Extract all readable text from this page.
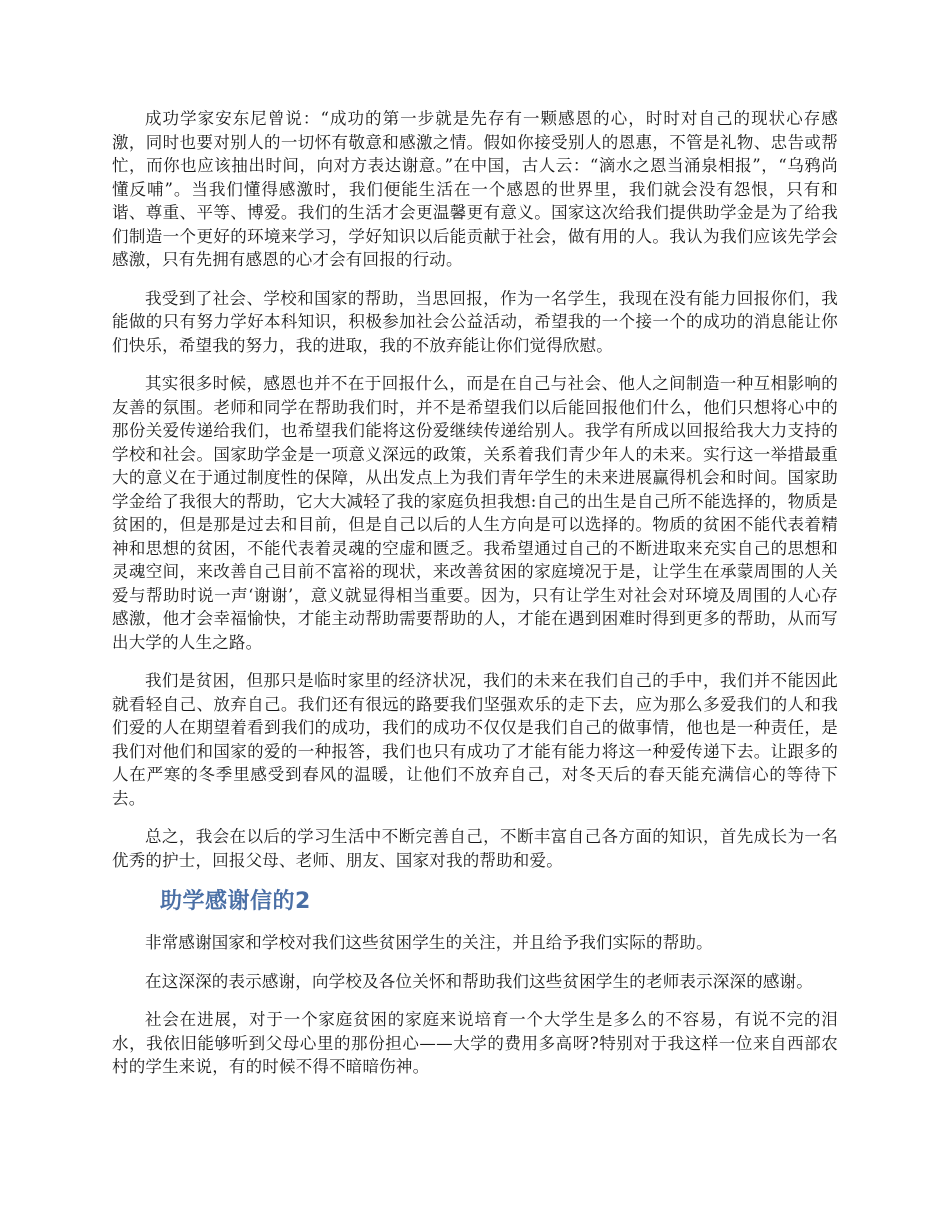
成功学家安东尼曾说：“成功的第一步就是先存有一颗感恩的心，时时对自己的现状心存感激，同时也要对别人的一切怀有敬意和感激之情。假如你接受别人的恩惠，不管是礼物、忠告或帮忙，而你也应该抽出时间，向对方表达谢意。”在中国，古人云：“滴水之恩当涌泉相报”，“乌鸦尚懂反哺”。当我们懂得感激时，我们便能生活在一个感恩的世界里，我们就会没有怨恨，只有和谐、尊重、平等、博爱。我们的生活才会更温馨更有意义。国家这次给我们提供助学金是为了给我们制造一个更好的环境来学习，学好知识以后能贡献于社会，做有用的人。我认为我们应该先学会感激，只有先拥有感恩的心才会有回报的行动。

我受到了社会、学校和国家的帮助，当思回报，作为一名学生，我现在没有能力回报你们，我能做的只有努力学好本科知识，积极参加社会公益活动，希望我的一个接一个的成功的消息能让你们快乐，希望我的努力，我的进取，我的不放弃能让你们觉得欣慰。

其实很多时候，感恩也并不在于回报什么，而是在自己与社会、他人之间制造一种互相影响的友善的氛围。老师和同学在帮助我们时，并不是希望我们以后能回报他们什么，他们只想将心中的那份关爱传递给我们，也希望我们能将这份爱继续传递给别人。我学有所成以回报给我大力支持的学校和社会。国家助学金是一项意义深远的政策，关系着我们青少年人的未来。实行这一举措最重大的意义在于通过制度性的保障，从出发点上为我们青年学生的未来进展赢得机会和时间。国家助学金给了我很大的帮助，它大大减轻了我的家庭负担我想:自己的出生是自己所不能选择的，物质是贫困的，但是那是过去和目前，但是自己以后的人生方向是可以选择的。物质的贫困不能代表着精神和思想的贫困，不能代表着灵魂的空虚和匮乏。我希望通过自己的不断进取来充实自己的思想和灵魂空间，来改善自己目前不富裕的现状，来改善贫困的家庭境况于是，让学生在承蒙周围的人关爱与帮助时说一声‘谢谢’，意义就显得相当重要。因为，只有让学生对社会对环境及周围的人心存感激，他才会幸福愉快，才能主动帮助需要帮助的人，才能在遇到困难时得到更多的帮助，从而写出大学的人生之路。

我们是贫困，但那只是临时家里的经济状况，我们的未来在我们自己的手中，我们并不能因此就看轻自己、放弃自己。我们还有很远的路要我们坚强欢乐的走下去，应为那么多爱我们的人和我们爱的人在期望着看到我们的成功，我们的成功不仅仅是我们自己的做事情，他也是一种责任，是我们对他们和国家的爱的一种报答，我们也只有成功了才能有能力将这一种爱传递下去。让跟多的人在严寒的冬季里感受到春风的温暖，让他们不放弃自己，对冬天后的春天能充满信心的等待下去。

总之，我会在以后的学习生活中不断完善自己，不断丰富自己各方面的知识，首先成长为一名优秀的护士，回报父母、老师、朋友、国家对我的帮助和爱。

助学感谢信的2

非常感谢国家和学校对我们这些贫困学生的关注，并且给予我们实际的帮助。

在这深深的表示感谢，向学校及各位关怀和帮助我们这些贫困学生的老师表示深深的感谢。

社会在进展，对于一个家庭贫困的家庭来说培育一个大学生是多么的不容易，有说不完的泪水，我依旧能够听到父母心里的那份担心——大学的费用多高呀?特别对于我这样一位来自西部农村的学生来说，有的时候不得不暗暗伤神。
